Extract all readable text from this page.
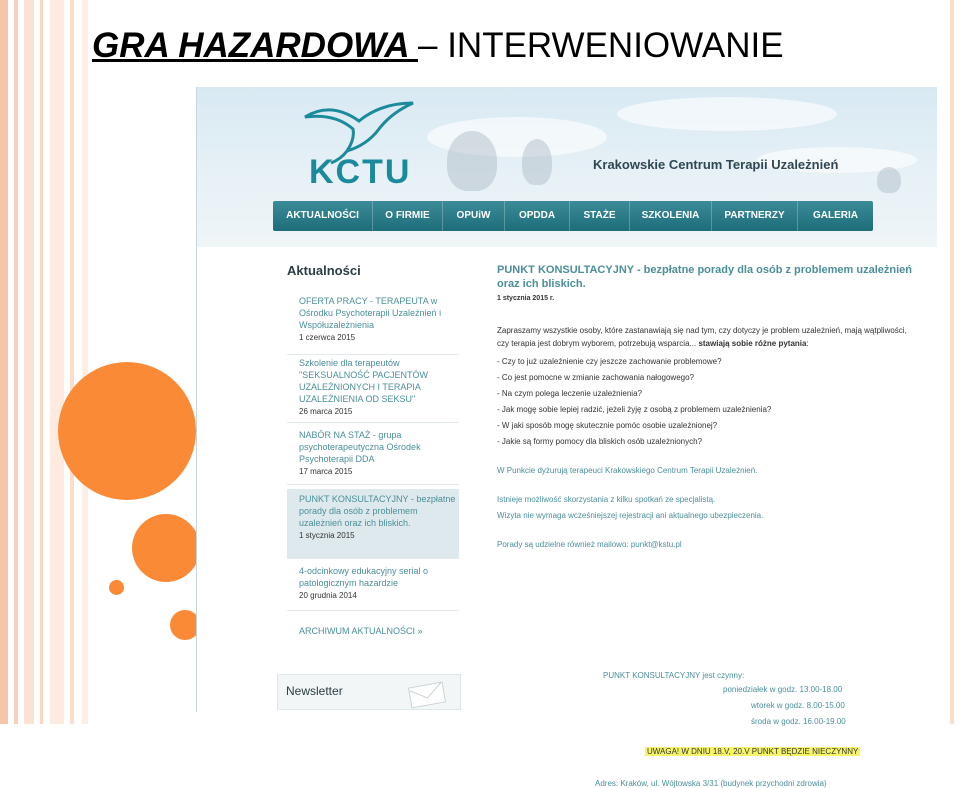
GRA HAZARDOWA – INTERWENIOWANIE
KCTU	Krakowskie Centrum Terapii Uzależnień
AKTUALNOŚCI	O FIRMIE	OPUiW	OPDDA	STAŻE	SZKOLENIA	PARTNERZY	GALERIA
Aktualności
OFERTA PRACY - TERAPEUTA w Ośrodku Psychoterapii Uzależnień i Współuzależnienia
1 czerwca 2015
Szkolenie dla terapeutów "SEKSUALNOŚĆ PACJENTÓW UZALEŻNIONYCH I TERAPIA UZALEŻNIENIA OD SEKSU"
26 marca 2015
NABÓR NA STAŻ - grupa psychoterapeutyczna Ośrodek Psychoterapii DDA
17 marca 2015
PUNKT KONSULTACYJNY - bezpłatne porady dla osób z problemem uzależnień oraz ich bliskich.
1 stycznia 2015
4-odcinkowy edukacyjny serial o patologicznym hazardzie
20 grudnia 2014
ARCHIWUM AKTUALNOŚCI »
Newsletter
PUNKT KONSULTACYJNY - bezpłatne porady dla osób z problemem uzależnień oraz ich bliskich.
1 stycznia 2015 r.
Zapraszamy wszystkie osoby, które zastanawiają się nad tym, czy dotyczy je problem uzależnień, mają wątpliwości, czy terapia jest dobrym wyborem, potrzebują wsparcia... stawiają sobie różne pytania:
- Czy to już uzależnienie czy jeszcze zachowanie problemowe?
- Co jest pomocne w zmianie zachowania nałogowego?
- Na czym polega leczenie uzależnienia?
- Jak mogę sobie lepiej radzić, jeżeli żyję z osobą z problemem uzależnienia?
- W jaki sposób mogę skutecznie pomóc osobie uzależnionej?
- Jakie są formy pomocy dla bliskich osób uzależnionych?
W Punkcie dyżurują terapeuci Krakowskiego Centrum Terapii Uzależnień.
Istnieje możliwość skorzystania z kilku spotkań ze specjalistą.
Wizyta nie wymaga wcześniejszej rejestracji ani aktualnego ubezpieczenia.
Porady są udzielne również mailowo: punkt@kstu.pl
PUNKT KONSULTACYJNY jest czynny:
poniedziałek w godz. 13.00-18.00
wtorek w godz. 8.00-15.00
środa w godz. 16.00-19.00
UWAGA! W DNIU 18.V, 20.V PUNKT BĘDZIE NIECZYNNY
Adres: Kraków, ul. Wójtowska 3/31 (budynek przychodni zdrowia)
